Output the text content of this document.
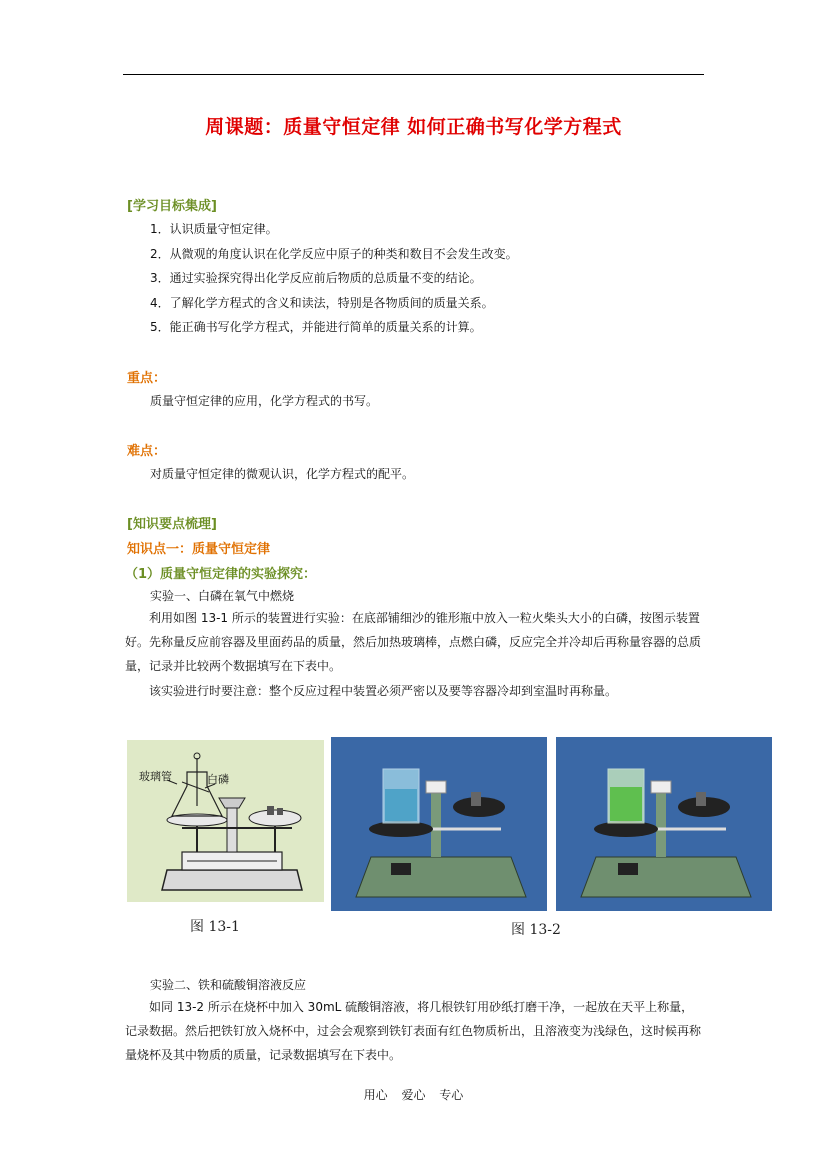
周课题：质量守恒定律 如何正确书写化学方程式
[学习目标集成]
1．认识质量守恒定律。
2．从微观的角度认识在化学反应中原子的种类和数目不会发生改变。
3．通过实验探究得出化学反应前后物质的总质量不变的结论。
4．了解化学方程式的含义和读法，特别是各物质间的质量关系。
5．能正确书写化学方程式，并能进行简单的质量关系的计算。
重点：
质量守恒定律的应用，化学方程式的书写。
难点：
对质量守恒定律的微观认识，化学方程式的配平。
[知识要点梳理]
知识点一：质量守恒定律
（1）质量守恒定律的实验探究：
实验一、白磷在氧气中燃烧
利用如图 13-1 所示的装置进行实验：在底部铺细沙的锥形瓶中放入一粒火柴头大小的白磷，按图示装置好。先称量反应前容器及里面药品的质量，然后加热玻璃棒，点燃白磷，反应完全并冷却后再称量容器的总质量，记录并比较两个数据填写在下表中。
该实验进行时要注意：整个反应过程中装置必须严密以及要等容器冷却到室温时再称量。
玻璃管	白磷
图 13-1	图 13-2
实验二、铁和硫酸铜溶液反应
如同 13-2 所示在烧杯中加入 30mL 硫酸铜溶液，将几根铁钉用砂纸打磨干净，一起放在天平上称量，记录数据。然后把铁钉放入烧杯中，过会会观察到铁钉表面有红色物质析出，且溶液变为浅绿色，这时候再称量烧杯及其中物质的质量，记录数据填写在下表中。
用心 爱心 专心
